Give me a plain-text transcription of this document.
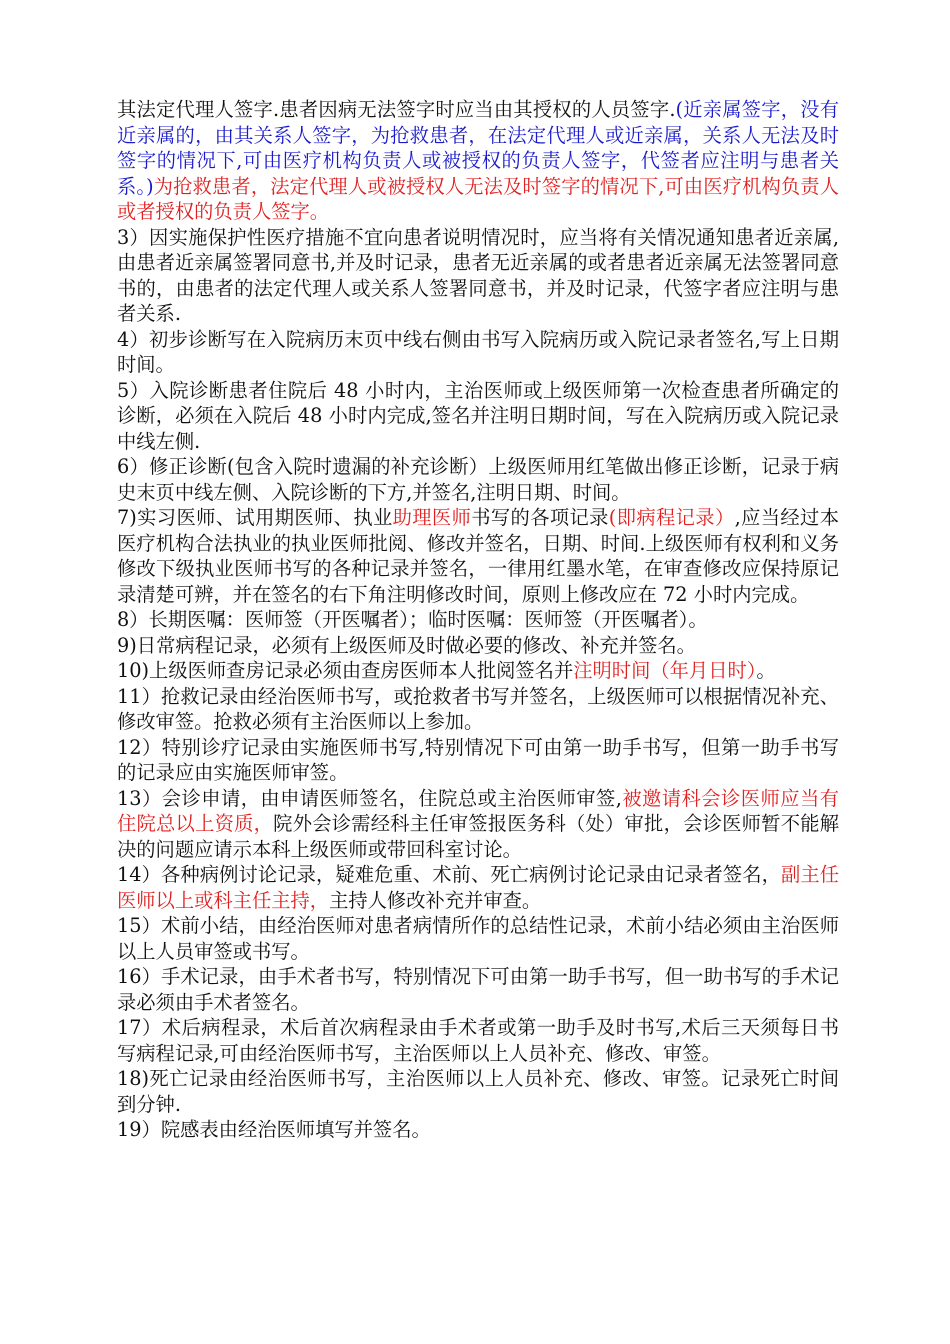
其法定代理人签字.患者因病无法签字时应当由其授权的人员签字.(近亲属签字，没有近亲属的，由其关系人签字，为抢救患者，在法定代理人或近亲属，关系人无法及时签字的情况下,可由医疗机构负责人或被授权的负责人签字，代签者应注明与患者关系。)为抢救患者，法定代理人或被授权人无法及时签字的情况下,可由医疗机构负责人或者授权的负责人签字。

3）因实施保护性医疗措施不宜向患者说明情况时，应当将有关情况通知患者近亲属,由患者近亲属签署同意书,并及时记录，患者无近亲属的或者患者近亲属无法签署同意书的，由患者的法定代理人或关系人签署同意书，并及时记录，代签字者应注明与患者关系.

4）初步诊断写在入院病历末页中线右侧由书写入院病历或入院记录者签名,写上日期时间。

5）入院诊断患者住院后 48 小时内，主治医师或上级医师第一次检查患者所确定的诊断，必须在入院后 48 小时内完成,签名并注明日期时间，写在入院病历或入院记录中线左侧.

6）修正诊断(包含入院时遗漏的补充诊断）上级医师用红笔做出修正诊断，记录于病史末页中线左侧、入院诊断的下方,并签名,注明日期、时间。

7)实习医师、试用期医师、执业助理医师书写的各项记录(即病程记录）,应当经过本医疗机构合法执业的执业医师批阅、修改并签名，日期、时间.上级医师有权利和义务修改下级执业医师书写的各种记录并签名，一律用红墨水笔，在审查修改应保持原记录清楚可辨，并在签名的右下角注明修改时间，原则上修改应在 72 小时内完成。

8）长期医嘱：医师签（开医嘱者）；临时医嘱：医师签（开医嘱者）。

9)日常病程记录，必须有上级医师及时做必要的修改、补充并签名。

10)上级医师查房记录必须由查房医师本人批阅签名并注明时间（年月日时）。

11）抢救记录由经治医师书写，或抢救者书写并签名，上级医师可以根据情况补充、修改审签。抢救必须有主治医师以上参加。

12）特别诊疗记录由实施医师书写,特别情况下可由第一助手书写，但第一助手书写的记录应由实施医师审签。

13）会诊申请，由申请医师签名，住院总或主治医师审签,被邀请科会诊医师应当有住院总以上资质，院外会诊需经科主任审签报医务科（处）审批，会诊医师暂不能解决的问题应请示本科上级医师或带回科室讨论。

14）各种病例讨论记录，疑难危重、术前、死亡病例讨论记录由记录者签名，副主任医师以上或科主任主持，主持人修改补充并审查。

15）术前小结，由经治医师对患者病情所作的总结性记录，术前小结必须由主治医师以上人员审签或书写。

16）手术记录，由手术者书写，特别情况下可由第一助手书写，但一助书写的手术记录必须由手术者签名。

17）术后病程录，术后首次病程录由手术者或第一助手及时书写,术后三天须每日书写病程记录,可由经治医师书写，主治医师以上人员补充、修改、审签。

18)死亡记录由经治医师书写，主治医师以上人员补充、修改、审签。记录死亡时间到分钟.

19）院感表由经治医师填写并签名。
